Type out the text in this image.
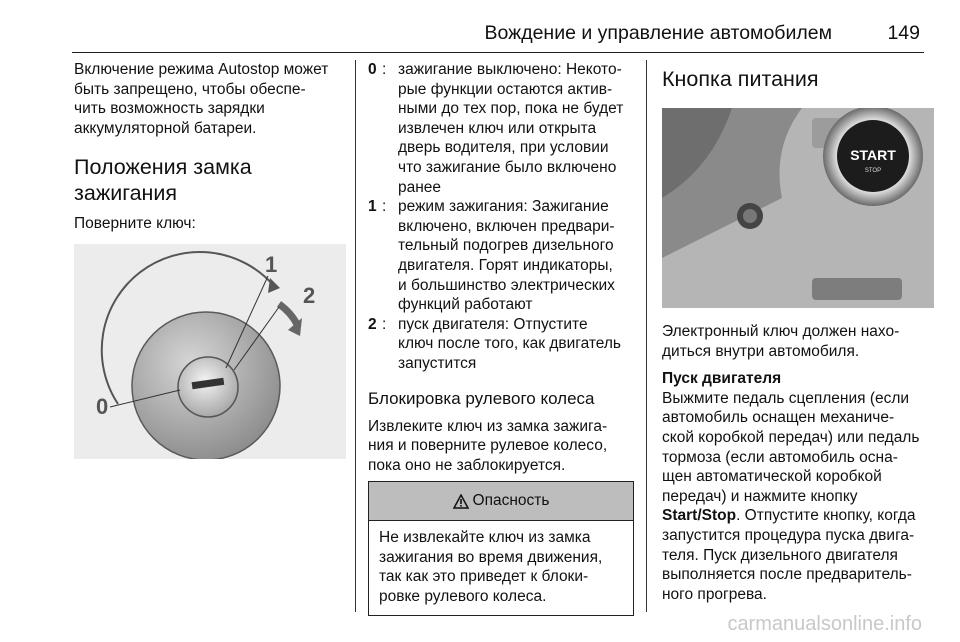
Вождение и управление автомобилем	149

Включение режима Autostop может

быть запрещено, чтобы обеспе-

чить возможность зарядки

аккумуляторной батареи.

Положения замка
зажигания

Поверните ключ:

1
2
0
0 : зажигание выключено: Некото-
рые функции остаются актив-
ными до тех пор, пока не будет
извлечен ключ или открыта
дверь водителя, при условии
что зажигание было включено
ранее
1 : режим зажигания: Зажигание
включено, включен предвари-
тельный подогрев дизельного
двигателя. Горят индикаторы,
и большинство электрических
функций работают
2 : пуск двигателя: Отпустите
ключ после того, как двигатель
запустится
Блокировка рулевого колеса

Извлеките ключ из замка зажига-

ния и поверните рулевое колесо,

пока оно не заблокируется.

Опасность

Не извлекайте ключ из замка

зажигания во время движения,

так как это приведет к блоки-

ровке рулевого колеса.

Кнопка питания
START
STOP

Электронный ключ должен нахо-

диться внутри автомобиля.

Пуск двигателя

Выжмите педаль сцепления (если

автомобиль оснащен механиче-

ской коробкой передач) или педаль

тормоза (если автомобиль осна-

щен автоматической коробкой

передач) и нажмите кнопку

Start/Stop. Отпустите кнопку, когда

запустится процедура пуска двига-

теля. Пуск дизельного двигателя

выполняется после предваритель-

ного прогрева.

carmanualsonline.info
